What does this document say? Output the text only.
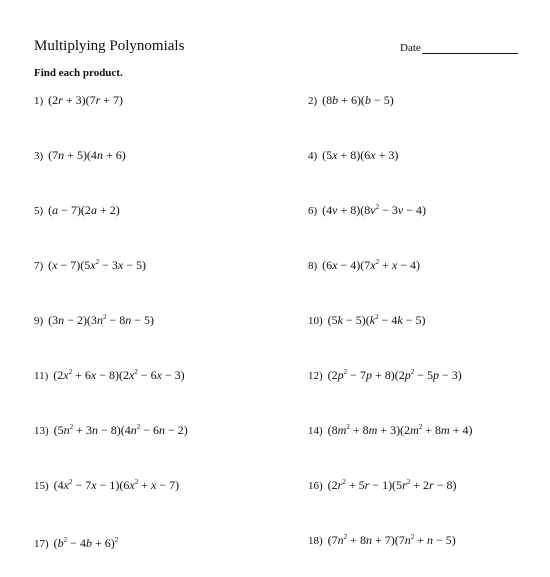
Multiplying Polynomials	Date
Find each product.
1) (2r + 3)(7r + 7)	2) (8b + 6)(b − 5)
3) (7n + 5)(4n + 6)	4) (5x + 8)(6x + 3)
5) (a − 7)(2a + 2)	6) $(4v + 8)(8v^2 - 3v - 4)$
7) $(x - 7)(5x^2 - 3x - 5)$	8) $(6x - 4)(7x^2 + x - 4)$
9) $(3n - 2)(3n^2 - 8n - 5)$	10) $(5k - 5)(k^2 - 4k - 5)$
11) $(2x^2 + 6x - 8)(2x^2 - 6x - 3)$	12) $(2p^2 - 7p + 8)(2p^2 - 5p - 3)$
13) $(5n^2 + 3n - 8)(4n^2 - 6n - 2)$	14) $(8m^2 + 8m + 3)(2m^2 + 8m + 4)$
15) $(4x^2 - 7x - 1)(6x^2 + x - 7)$	16) $(2r^2 + 5r - 1)(5r^2 + 2r - 8)$
17) $(b^2 - 4b + 6)^2$	18) $(7n^2 + 8n + 7)(7n^2 + n - 5)$
